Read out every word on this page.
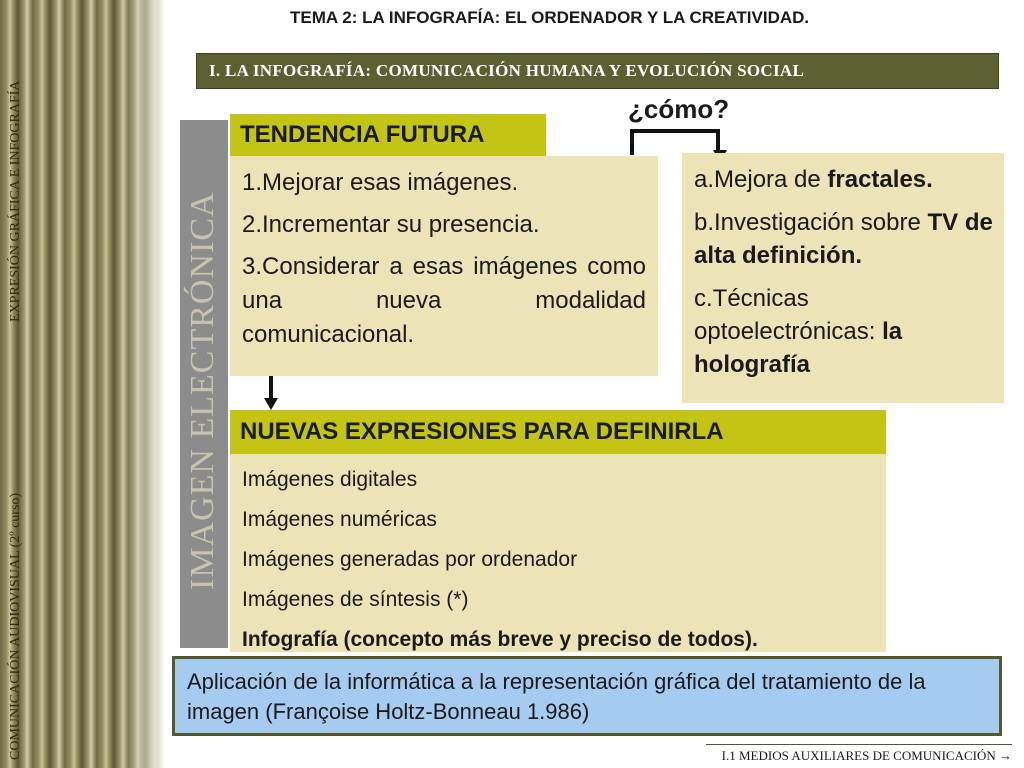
EXPRESIÓN GRÁFICA E INFOGRAFÍA
COMUNICACIÓN AUDIOVISUAL (2º curso)
TEMA 2: LA INFOGRAFÍA: EL ORDENADOR Y LA CREATIVIDAD.
I. LA INFOGRAFÍA: COMUNICACIÓN HUMANA Y EVOLUCIÓN SOCIAL
IMAGEN ELECTRÓNICA
TENDENCIA FUTURA

1.Mejorar esas imágenes.

2.Incrementar su presencia.

3.Considerar a esas imágenes como una nueva modalidad comunicacional.

¿cómo?

a.Mejora de fractales.

b.Investigación sobre TV de alta definición.

c.Técnicas optoelectrónicas: la holografía

NUEVAS EXPRESIONES PARA DEFINIRLA
Imágenes digitales
Imágenes numéricas
Imágenes generadas por ordenador
Imágenes de síntesis (*)
Infografía (concepto más breve y preciso de todos).
Aplicación de la informática a la representación gráfica del tratamiento de la imagen (Françoise Holtz-Bonneau 1.986)
I.1 MEDIOS AUXILIARES DE COMUNICACIÓN →
